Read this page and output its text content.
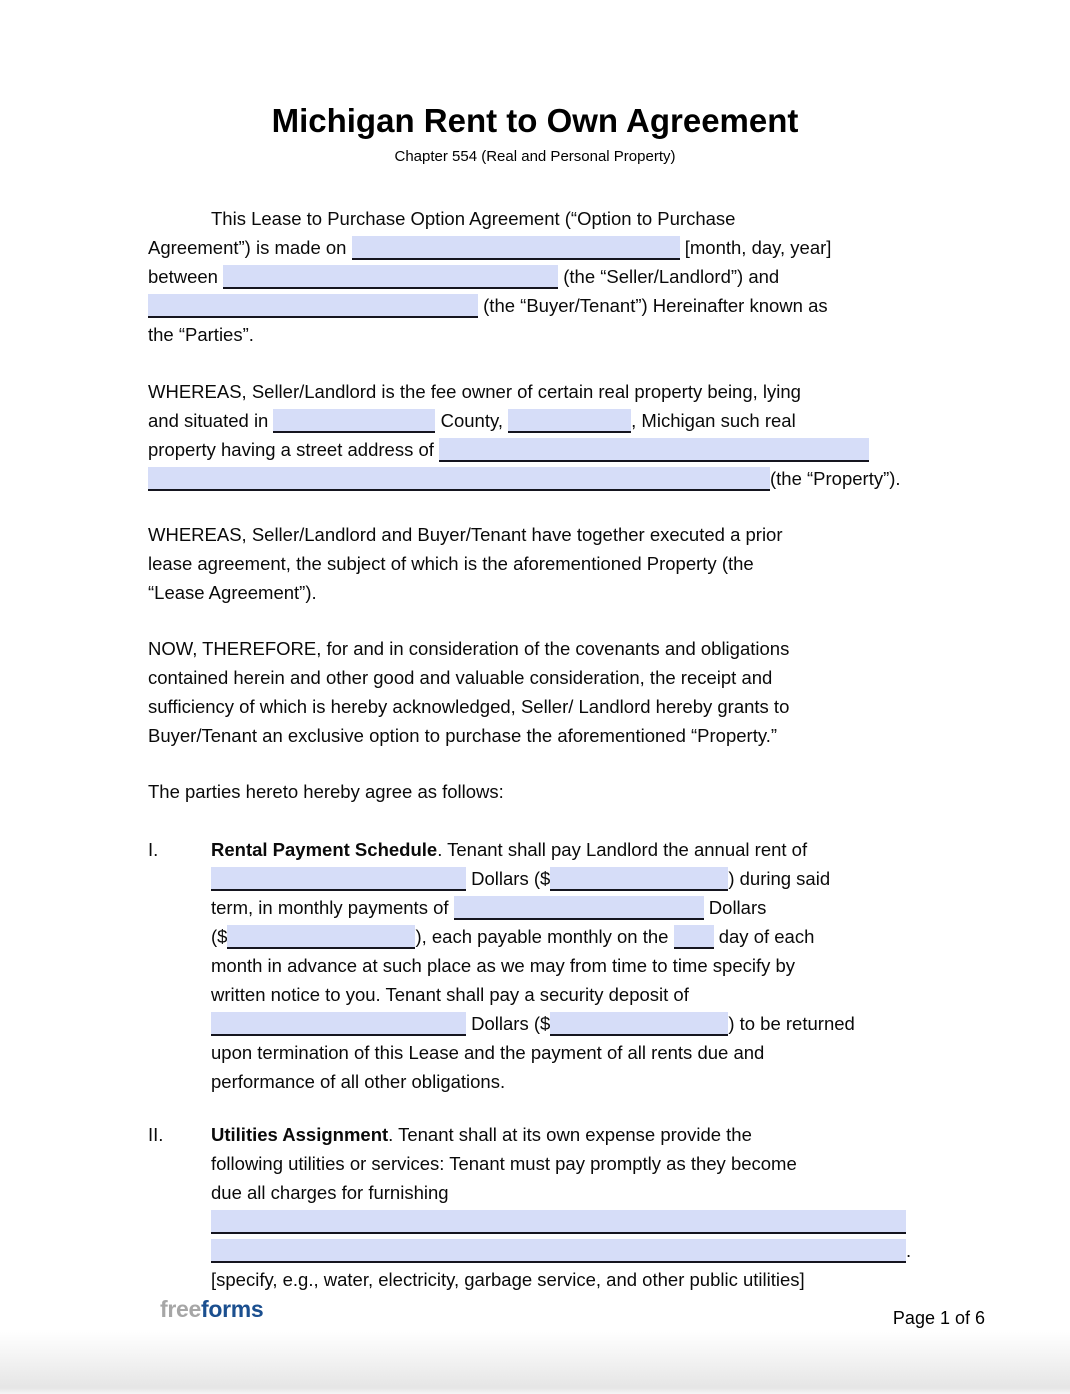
Michigan Rent to Own Agreement
Chapter 554 (Real and Personal Property)
This Lease to Purchase Option Agreement (“Option to Purchase
Agreement”) is made on	[month, day, year]
between	(the “Seller/Landlord”) and
(the “Buyer/Tenant”) Hereinafter known as
the “Parties”.
WHEREAS, Seller/Landlord is the fee owner of certain real property being, lying
and situated in	County,	, Michigan such real
property having a street address of
(the “Property”).
WHEREAS, Seller/Landlord and Buyer/Tenant have together executed a prior
lease agreement, the subject of which is the aforementioned Property (the
“Lease Agreement”).
NOW, THEREFORE, for and in consideration of the covenants and obligations
contained herein and other good and valuable consideration, the receipt and
sufficiency of which is hereby acknowledged, Seller/ Landlord hereby grants to
Buyer/Tenant an exclusive option to purchase the aforementioned “Property.”
The parties hereto hereby agree as follows:
I.	Rental Payment Schedule. Tenant shall pay Landlord the annual rent of
Dollars ($	) during said
term, in monthly payments of	Dollars
($	), each payable monthly on the  day of each
month in advance at such place as we may from time to time specify by
written notice to you. Tenant shall pay a security deposit of
Dollars ($	) to be returned
upon termination of this Lease and the payment of all rents due and
performance of all other obligations.
II.	Utilities Assignment. Tenant shall at its own expense provide the
following utilities or services: Tenant must pay promptly as they become
due all charges for furnishing
.
[specify, e.g., water, electricity, garbage service, and other public utilities]
freeforms	Page 1 of 6
